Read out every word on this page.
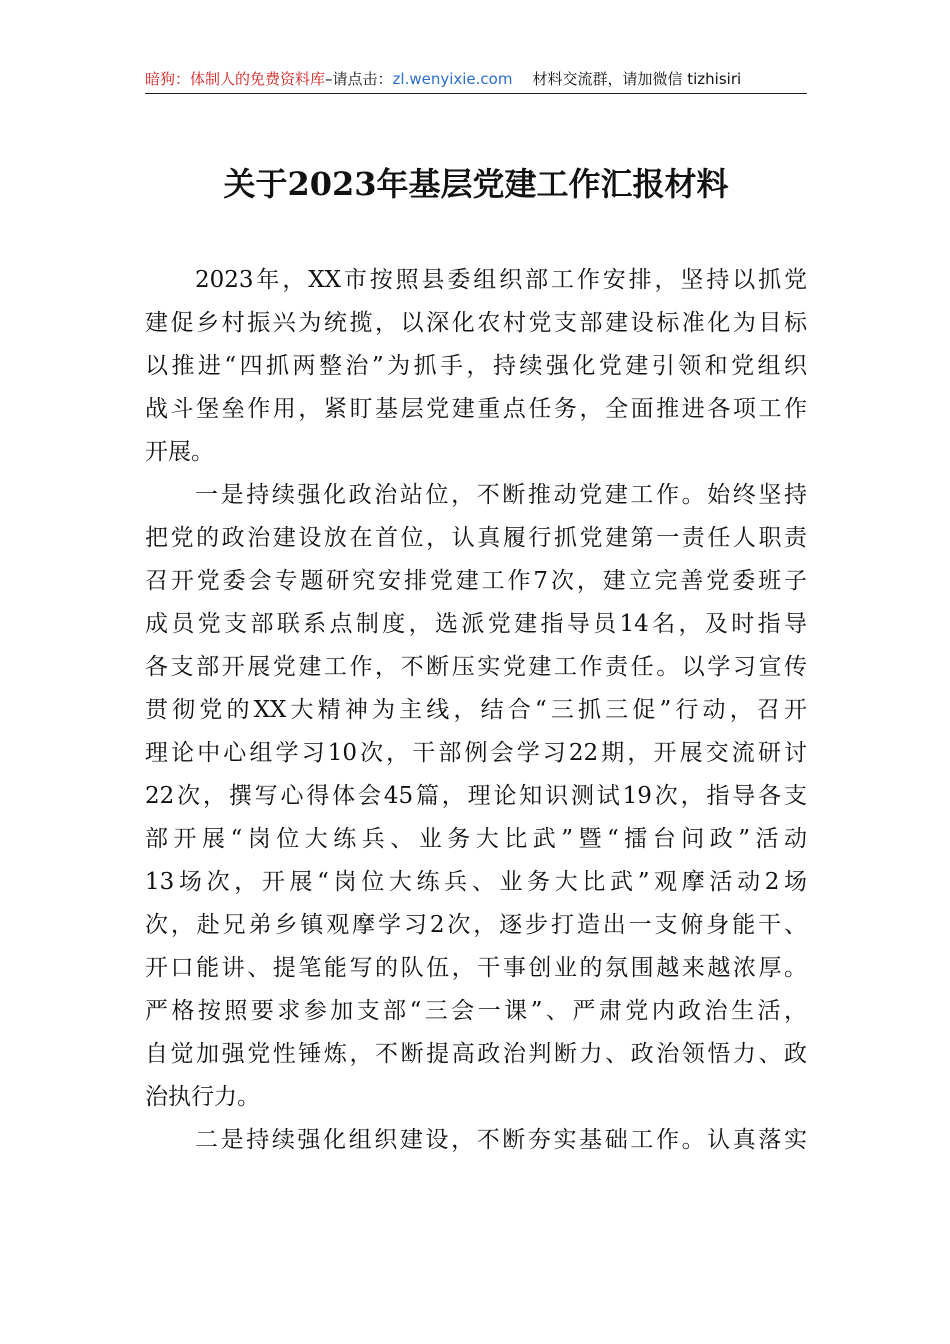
暗狗：体制人的免费资料库–请点击：zl.wenyixie.com 材料交流群，请加微信 tizhisiri
关于2023年基层党建工作汇报材料
2023年，XX市按照县委组织部工作安排，坚持以抓党
建促乡村振兴为统揽，以深化农村党支部建设标准化为目标
以推进“四抓两整治”为抓手，持续强化党建引领和党组织
战斗堡垒作用，紧盯基层党建重点任务，全面推进各项工作
开展。
一是持续强化政治站位，不断推动党建工作。始终坚持
把党的政治建设放在首位，认真履行抓党建第一责任人职责
召开党委会专题研究安排党建工作7次，建立完善党委班子
成员党支部联系点制度，选派党建指导员14名，及时指导
各支部开展党建工作，不断压实党建工作责任。以学习宣传
贯彻党的XX大精神为主线，结合“三抓三促”行动，召开
理论中心组学习10次，干部例会学习22期，开展交流研讨
22次，撰写心得体会45篇，理论知识测试19次，指导各支
部开展“岗位大练兵、业务大比武”暨“擂台问政”活动
13场次，开展“岗位大练兵、业务大比武”观摩活动2场
次，赴兄弟乡镇观摩学习2次，逐步打造出一支俯身能干、
开口能讲、提笔能写的队伍，干事创业的氛围越来越浓厚。
严格按照要求参加支部“三会一课”、严肃党内政治生活，
自觉加强党性锤炼，不断提高政治判断力、政治领悟力、政
治执行力。
二是持续强化组织建设，不断夯实基础工作。认真落实
